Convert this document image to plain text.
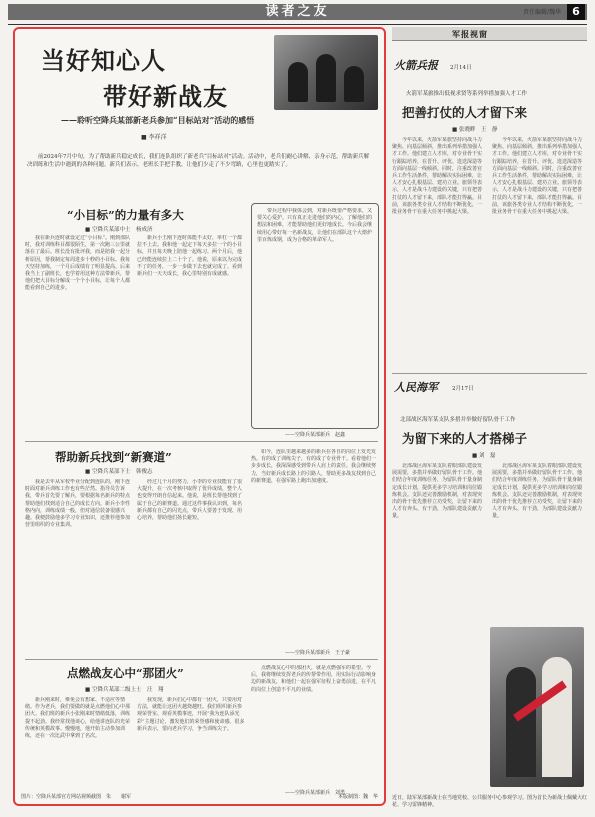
读者之友	责任编辑/魏华	6
当好知心人
带好新战友
——聆听空降兵某部新老兵参加“目标站对”活动的感悟
■ 李祥洋
前2024年7月中旬，为了帮助新兵稳定成长，我们连队组织了新老兵“目标站对”活动。活动中，老兵们耐心讲解、亲身示范，帮助新兵解决训练和生活中遇到的各种问题。新兵们表示，老班长手把手教，让他们少走了不少弯路，心里也更踏实了。
“小目标”的力量有多大
■ 空降兵某部中士　杨成济
我在新兵连时就设定过“小目标”。刚到部队时，我对训练科目都很陌生，第一次跑三公里就落在了最后。班长没有批评我，而是陪我一起分析原因，帮我制定每周进步十秒的小目标。我每天坚持加练，一个月后成绩有了明显提高。后来我当上了副班长，也学着用这种方法带新兵，帮他们把大目标分解成一个个小目标，让每个人都能看到自己的进步。
新兵小王刚下连时体能不太好，单杠一个都拉不上去。我和他一起定下每天多拉一个的小目标，并且每天晚上陪他一起练习。两个月后，他已经能连续拉上二十个了。他说，原来以为完成不了的任务，一步一步做下去也就完成了。看到新兵们一天天成长，我心里特别有成就感。
带兵过程中我体会到，对新兵既要严格要求，又要关心爱护。只有真正走进他们的内心，了解他们的想法和困难，才能帮助他们更好地成长。今后我会继续用心带好每一名新战友，让他们在部队这个大熔炉里百炼成钢，成为合格的革命军人。
——空降兵某部新兵　赵鑫
帮助新兵找到“新赛道”
■ 空降兵某部下士　韩俊志
我是去年从军校毕业分配到连队的，刚下连时面对新兵训练工作也有些茫然。指导员告诉我，带兵首先要了解兵，要根据每名新兵的特点帮助他们找到适合自己的成长方向。新兵小李性格内向，训练成绩一般，但对通信装备很感兴趣。我便鼓励他多学习专业知识，还推荐他参加营里组织的专业集训。
经过几个月的努力，小李的专业技能有了很大提升，在一次考核中取得了优异成绩，整个人也变得开朗自信起来。他说，是班长帮他找到了属于自己的新赛道。通过这件事我认识到，每名新兵都有自己的闪光点，带兵人要善于发现、用心培养，帮助他们扬长避短。
如今，连队里越来越多的新兵在各自的岗位上发光发热。有的成了训练尖子，有的成了专业骨干。看着他们一步步成长，我深深感受到带兵人肩上的责任。我会继续努力，当好新兵成长路上的引路人，帮助更多战友找到自己的新赛道，在强军路上跑出加速度。
——空降兵某部新兵　王子豪
点燃战友心中“那团火”
■ 空降兵某部二级上士　汪　翔
新兵刚来时，难免会有想家、不适应等情绪。作为老兵，我们要做的就是点燃他们心中那团火。我们班的新兵小张刚来时情绪低落，训练提不起劲。我经常找他谈心，给他讲连队的光荣传统和英模故事。慢慢地，他开始主动参加训练，还在一次比武中拿到了名次。
我发现，新兵们心中都有一团火，只要用对方法，就能让这团火越烧越旺。我们组织新兵参观荣誉室、观看英模事迹，开展“我为连队添光彩”主题讨论，激发他们的荣誉感和使命感。很多新兵表示，要向老兵学习，争当训练尖子。
点燃战友心中的那团火，就是点燃强军的希望。今后，我将继续发挥老兵的传帮带作用，用实际行动影响身边的新战友，和他们一起在强军征程上奋勇前进，在平凡的岗位上创造不平凡的业绩。
——空降兵某部新兵　刘勇
图片：空降兵某部官方网站视频截图　朱　　谢军	本版制图：魏　华
军报视窗
火箭兵报 2月14日
火箭军某旅推出低视求贤等系列举措加强人才工作
把善打仗的人才留下来
■ 张晓畔　王　静
今年以来，火箭军某旅坚持向战斗力聚焦、向基层倾斜，推出系列举措加强人才工作。他们建立人才库，对专业骨干实行跟踪培养，在晋升、评优、选送深造等方面向基层一线倾斜。同时，注重改善官兵工作生活条件，帮助解决实际困难，让人才安心扎根基层、建功立业。旅领导表示，人才是战斗力建设的关键，只有把善打仗的人才留下来，部队才能打得赢。目前，该旅各类专业人才结构不断优化，一批业务骨干在重大任务中挑起大梁。
今年以来，火箭军某旅坚持向战斗力聚焦、向基层倾斜，推出系列举措加强人才工作。他们建立人才库，对专业骨干实行跟踪培养，在晋升、评优、选送深造等方面向基层一线倾斜。同时，注重改善官兵工作生活条件，帮助解决实际困难，让人才安心扎根基层、建功立业。旅领导表示，人才是战斗力建设的关键，只有把善打仗的人才留下来，部队才能打得赢。目前，该旅各类专业人才结构不断优化，一批业务骨干在重大任务中挑起大梁。
人民海军	2月17日
北部战区海军某支队多措并举做好留队骨干工作
为留下来的人才搭梯子
■ 刘　磊
北部战区海军某支队着眼部队建设发展需要，多措并举做好留队骨干工作。他们结合年度训练任务，为留队骨干量身制定成长计划，提供更多学习培训和岗位锻炼机会。支队还完善激励机制，对表现突出的骨干优先推荐立功受奖，让留下来的人才有奔头、有干劲，为部队建设贡献力量。
北部战区海军某支队着眼部队建设发展需要，多措并举做好留队骨干工作。他们结合年度训练任务，为留队骨干量身制定成长计划，提供更多学习培训和岗位锻炼机会。支队还完善激励机制，对表现突出的骨干优先推荐立功受奖，让留下来的人才有奔头、有干劲，为部队建设贡献力量。
近日，陆军某部新战士在当地党校、公共服务中心参观学习。图为首长为新战士佩戴大红花、学习雷锋精神。
